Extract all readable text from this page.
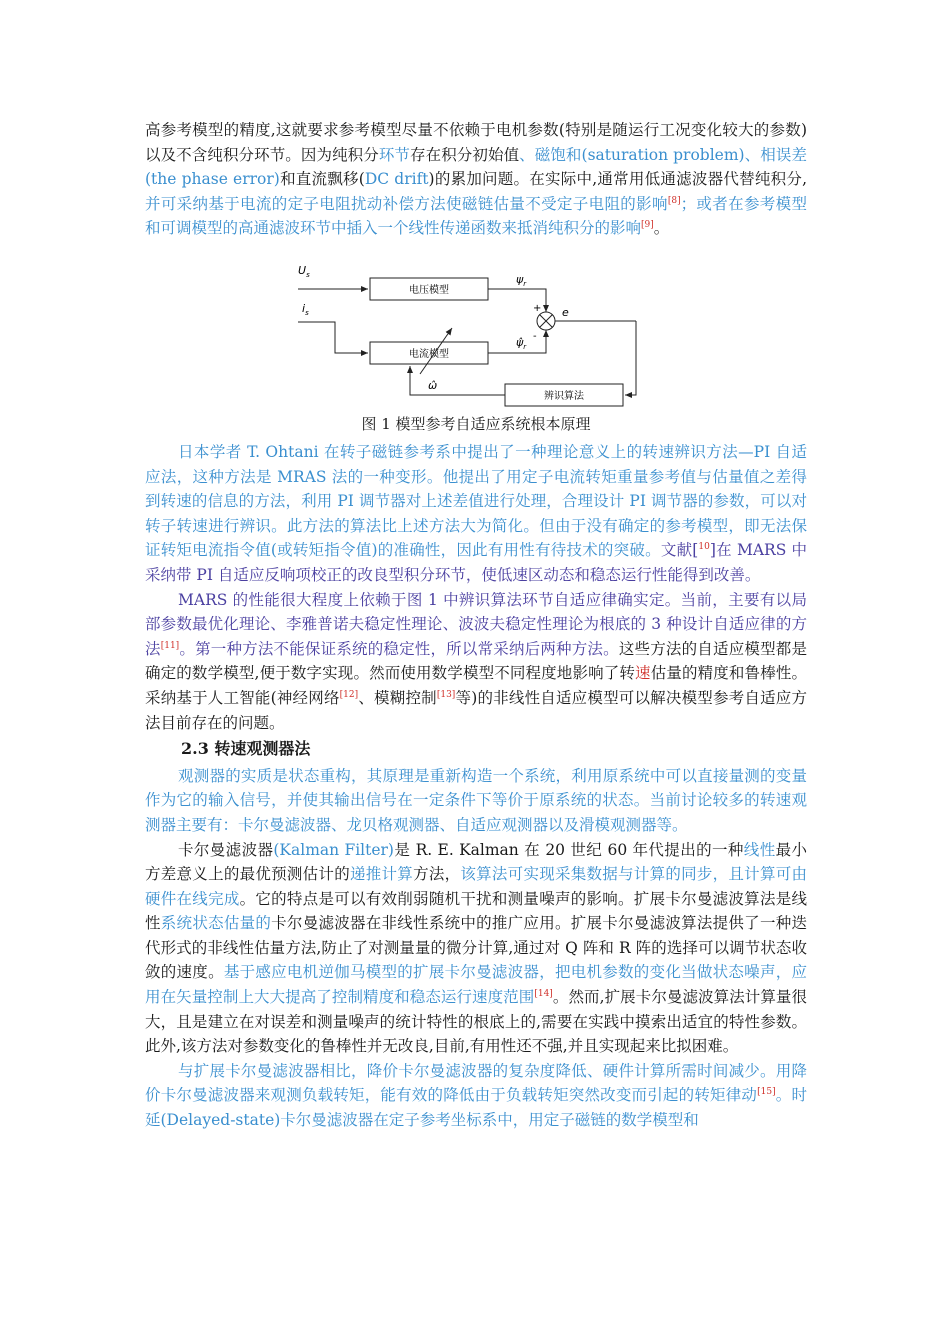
高参考模型的精度,这就要求参考模型尽量不依赖于电机参数(特别是随运行工况变化较大的参数)以及不含纯积分环节。因为纯积分环节存在积分初始值、磁饱和(saturation problem)、相误差(the phase error)和直流飘移(DC drift)的累加问题。在实际中,通常用低通滤波器代替纯积分,并可采纳基于电流的定子电阻扰动补偿方法使磁链估量不受定子电阻的影响[8]；或者在参考模型和可调模型的高通滤波环节中插入一个线性传递函数来抵消纯积分的影响[9]。

电压模型
电流模型
辨识算法
$U_s$
$i_s$
$\psi_r$
$\psî_r$
+
-
e
ω̂
图 1 模型参考自适应系统根本原理

日本学者 T. Ohtani 在转子磁链参考系中提出了一种理论意义上的转速辨识方法—PI 自适应法，这种方法是 MRAS 法的一种变形。他提出了用定子电流转矩重量参考值与估量值之差得到转速的信息的方法，利用 PI 调节器对上述差值进行处理，合理设计 PI 调节器的参数，可以对转子转速进行辨识。此方法的算法比上述方法大为简化。但由于没有确定的参考模型，即无法保证转矩电流指令值(或转矩指令值)的准确性，因此有用性有待技术的突破。文献[$^{10}$]在 MARS 中采纳带 PI 自适应反响项校正的改良型积分环节，使低速区动态和稳态运行性能得到改善。

MARS 的性能很大程度上依赖于图 1 中辨识算法环节自适应律确实定。当前，主要有以局部参数最优化理论、李雅普诺夫稳定性理论、波波夫稳定性理论为根底的 3 种设计自适应律的方法[11]。第一种方法不能保证系统的稳定性，所以常采纳后两种方法。这些方法的自适应模型都是确定的数学模型,便于数字实现。然而使用数学模型不同程度地影响了转速估量的精度和鲁棒性。采纳基于人工智能(神经网络[12]、模糊控制[13]等)的非线性自适应模型可以解决模型参考自适应方法目前存在的问题。

2.3 转速观测器法

观测器的实质是状态重构，其原理是重新构造一个系统，利用原系统中可以直接量测的变量作为它的输入信号，并使其输出信号在一定条件下等价于原系统的状态。当前讨论较多的转速观测器主要有：卡尔曼滤波器、龙贝格观测器、自适应观测器以及滑模观测器等。

卡尔曼滤波器(Kalman Filter)是 R. E. Kalman 在 20 世纪 60 年代提出的一种线性最小方差意义上的最优预测估计的递推计算方法，该算法可实现采集数据与计算的同步，且计算可由硬件在线完成。它的特点是可以有效削弱随机干扰和测量噪声的影响。扩展卡尔曼滤波算法是线性系统状态估量的卡尔曼滤波器在非线性系统中的推广应用。扩展卡尔曼滤波算法提供了一种迭代形式的非线性估量方法,防止了对测量量的微分计算,通过对 Q 阵和 R 阵的选择可以调节状态收敛的速度。基于感应电机逆伽马模型的扩展卡尔曼滤波器，把电机参数的变化当做状态噪声，应用在矢量控制上大大提高了控制精度和稳态运行速度范围[14]。然而,扩展卡尔曼滤波算法计算量很大，且是建立在对误差和测量噪声的统计特性的根底上的,需要在实践中摸索出适宜的特性参数。此外,该方法对参数变化的鲁棒性并无改良,目前,有用性还不强,并且实现起来比拟困难。

与扩展卡尔曼滤波器相比，降价卡尔曼滤波器的复杂度降低、硬件计算所需时间减少。用降价卡尔曼滤波器来观测负载转矩，能有效的降低由于负载转矩突然改变而引起的转矩律动[15]。时延(Delayed-state)卡尔曼滤波器在定子参考坐标系中，用定子磁链的数学模型和
